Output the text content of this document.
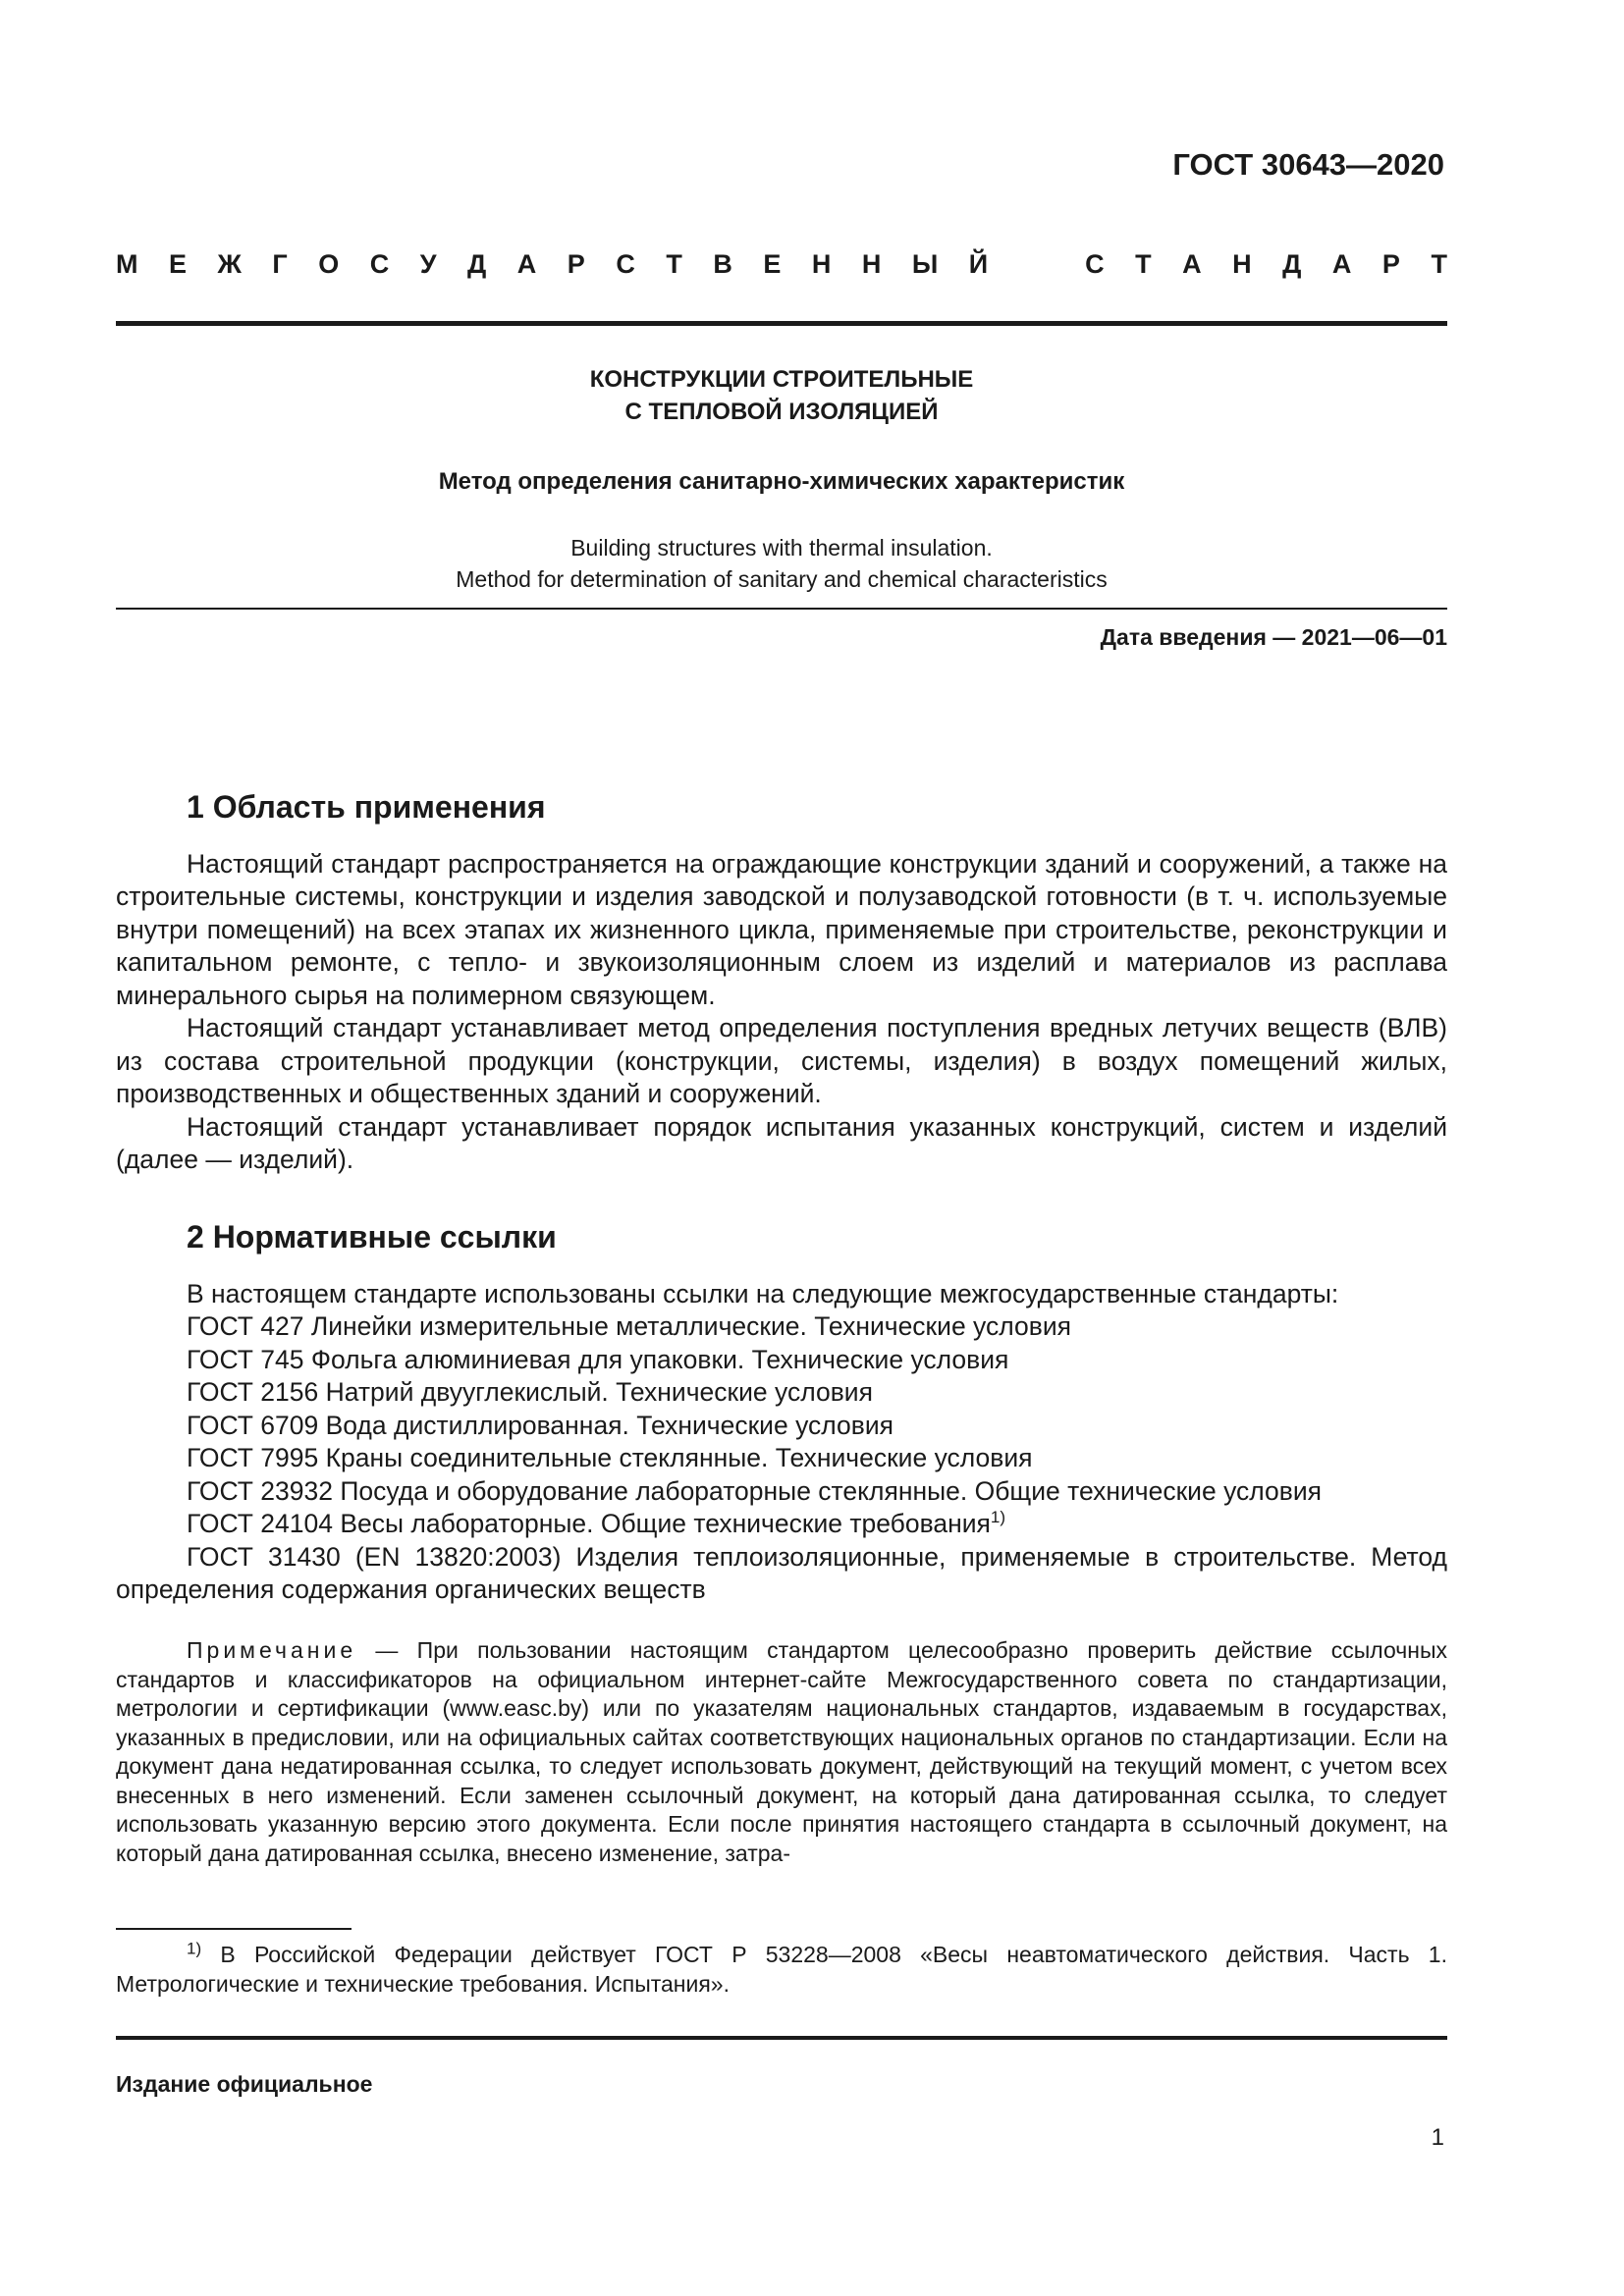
ГОСТ 30643—2020

М Е Ж Г О С У Д А Р С Т В Е Н Н Ы Й	С Т А Н Д А Р Т

КОНСТРУКЦИИ СТРОИТЕЛЬНЫЕ
С ТЕПЛОВОЙ ИЗОЛЯЦИЕЙ

Метод определения санитарно-химических характеристик

Building structures with thermal insulation.
Method for determination of sanitary and chemical characteristics

Дата введения — 2021—06—01

1 Область применения

Настоящий стандарт распространяется на ограждающие конструкции зданий и сооружений, а также на строительные системы, конструкции и изделия заводской и полузаводской готовности (в т. ч. используемые внутри помещений) на всех этапах их жизненного цикла, применяемые при строительстве, реконструкции и капитальном ремонте, с тепло- и звукоизоляционным слоем из изделий и материалов из расплава минерального сырья на полимерном связующем.

Настоящий стандарт устанавливает метод определения поступления вредных летучих веществ (ВЛВ) из состава строительной продукции (конструкции, системы, изделия) в воздух помещений жилых, производственных и общественных зданий и сооружений.

Настоящий стандарт устанавливает порядок испытания указанных конструкций, систем и изделий (далее — изделий).

2 Нормативные ссылки

В настоящем стандарте использованы ссылки на следующие межгосударственные стандарты:

ГОСТ 427 Линейки измерительные металлические. Технические условия

ГОСТ 745 Фольга алюминиевая для упаковки. Технические условия

ГОСТ 2156 Натрий двууглекислый. Технические условия

ГОСТ 6709 Вода дистиллированная. Технические условия

ГОСТ 7995 Краны соединительные стеклянные. Технические условия

ГОСТ 23932 Посуда и оборудование лабораторные стеклянные. Общие технические условия

ГОСТ 24104 Весы лабораторные. Общие технические требования$^{1)}$

ГОСТ 31430 (EN 13820:2003) Изделия теплоизоляционные, применяемые в строительстве. Метод определения содержания органических веществ

Примечание — При пользовании настоящим стандартом целесообразно проверить действие ссылочных стандартов и классификаторов на официальном интернет-сайте Межгосударственного совета по стандартизации, метрологии и сертификации (www.easc.by) или по указателям национальных стандартов, издаваемым в государствах, указанных в предисловии, или на официальных сайтах соответствующих национальных органов по стандартизации. Если на документ дана недатированная ссылка, то следует использовать документ, действующий на текущий момент, с учетом всех внесенных в него изменений. Если заменен ссылочный документ, на который дана датированная ссылка, то следует использовать указанную версию этого документа. Если после принятия настоящего стандарта в ссылочный документ, на который дана датированная ссылка, внесено изменение, затра-

$^{1)}$ В Российской Федерации действует ГОСТ Р 53228—2008 «Весы неавтоматического действия. Часть 1. Метрологические и технические требования. Испытания».

Издание официальное

1
